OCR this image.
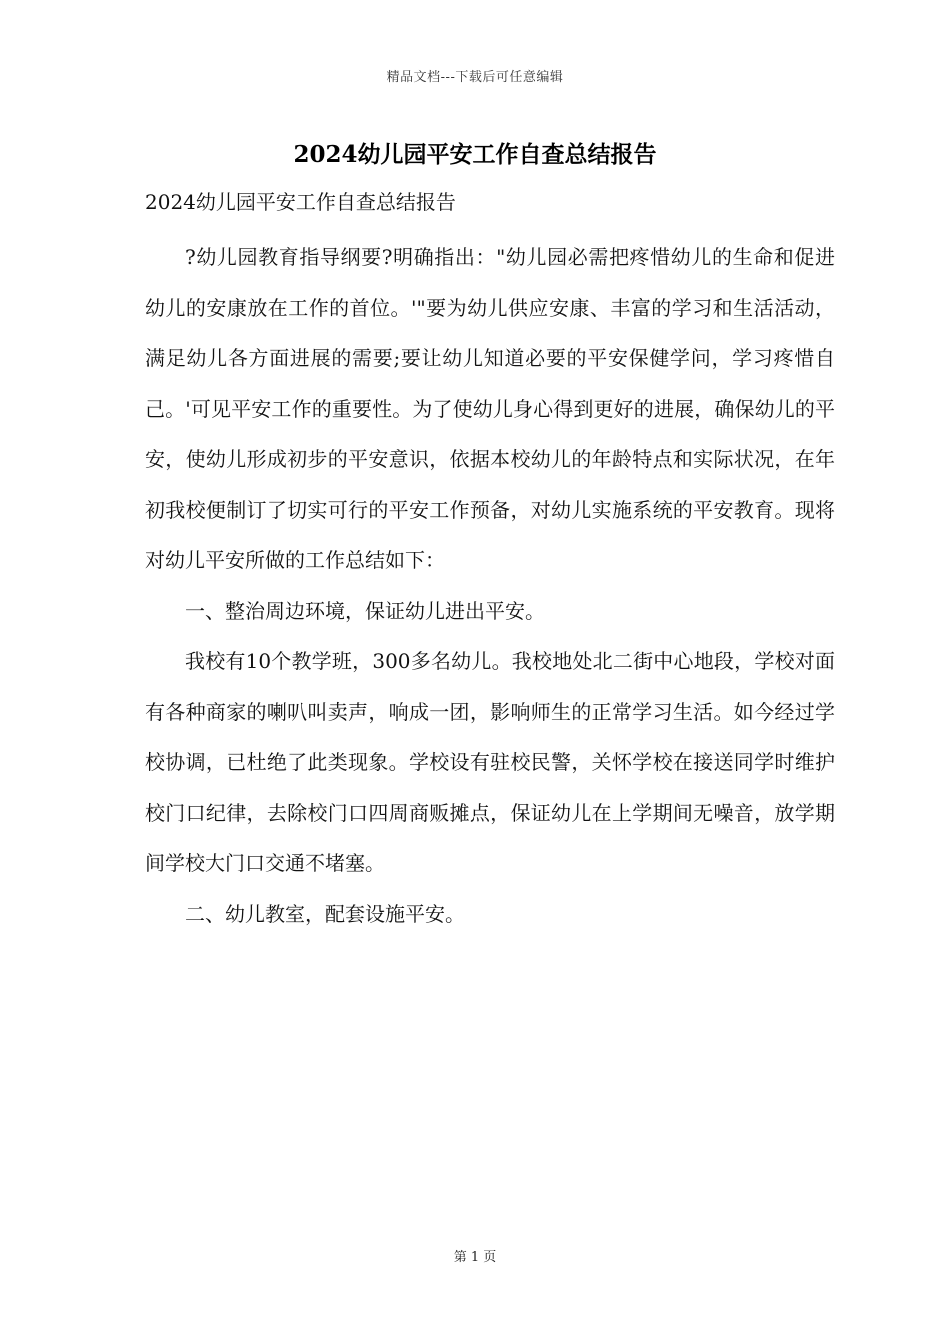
精品文档---下载后可任意编辑
2024幼儿园平安工作自查总结报告
2024幼儿园平安工作自查总结报告

?幼儿园教育指导纲要?明确指出："幼儿园必需把疼惜幼儿的生命和促进幼儿的安康放在工作的首位。'"要为幼儿供应安康、丰富的学习和生活活动，满足幼儿各方面进展的需要;要让幼儿知道必要的平安保健学问，学习疼惜自己。'可见平安工作的重要性。为了使幼儿身心得到更好的进展，确保幼儿的平安，使幼儿形成初步的平安意识，依据本校幼儿的年龄特点和实际状况，在年初我校便制订了切实可行的平安工作预备，对幼儿实施系统的平安教育。现将对幼儿平安所做的工作总结如下：

一、整治周边环境，保证幼儿进出平安。

我校有10个教学班，300多名幼儿。我校地处北二街中心地段，学校对面有各种商家的喇叭叫卖声，响成一团，影响师生的正常学习生活。如今经过学校协调，已杜绝了此类现象。学校设有驻校民警，关怀学校在接送同学时维护校门口纪律，去除校门口四周商贩摊点，保证幼儿在上学期间无噪音，放学期间学校大门口交通不堵塞。

二、幼儿教室，配套设施平安。

第 1 页
